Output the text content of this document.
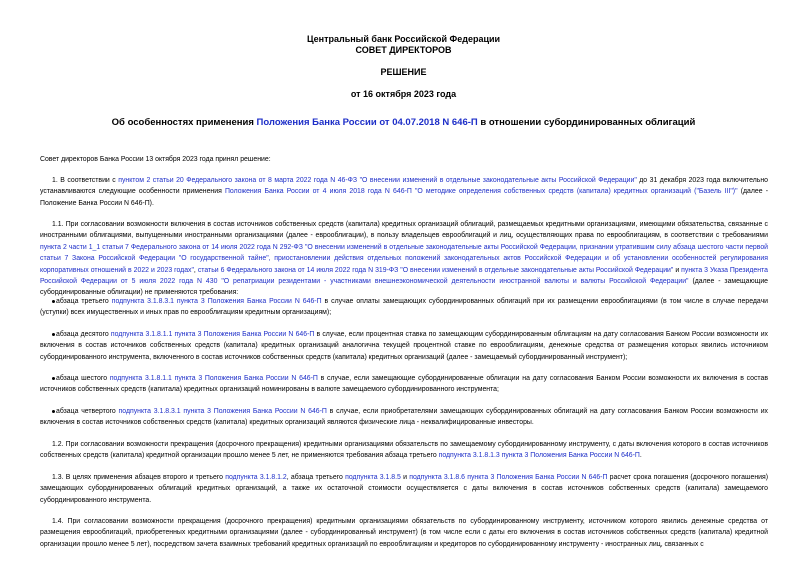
Центральный банк Российской Федерации
СОВЕТ ДИРЕКТОРОВ
РЕШЕНИЕ
от 16 октября 2023 года
Об особенностях применения Положения Банка России от 04.07.2018 N 646-П в отношении субординированных облигаций
Совет директоров Банка России 13 октября 2023 года принял решение:
1. В соответствии с пунктом 2 статьи 20 Федерального закона от 8 марта 2022 года N 46-ФЗ "О внесении изменений в отдельные законодательные акты Российской Федерации" до 31 декабря 2023 года включительно устанавливаются следующие особенности применения Положения Банка России от 4 июля 2018 года N 646-П "О методике определения собственных средств (капитала) кредитных организаций ("Базель III")" (далее - Положение Банка России N 646-П).
1.1. При согласовании возможности включения в состав источников собственных средств (капитала) кредитных организаций облигаций, размещаемых кредитными организациями, имеющими обязательства, связанные с иностранными облигациями, выпущенными иностранными организациями (далее - еврооблигации), в пользу владельцев еврооблигаций и лиц, осуществляющих права по еврооблигациям, в соответствии с требованиями пункта 2 части 1_1 статьи 7 Федерального закона от 14 июля 2022 года N 292-ФЗ "О внесении изменений в отдельные законодательные акты Российской Федерации, признании утратившим силу абзаца шестого части первой статьи 7 Закона Российской Федерации "О государственной тайне", приостановлении действия отдельных положений законодательных актов Российской Федерации и об установлении особенностей регулирования корпоративных отношений в 2022 и 2023 годах", статьи 6 Федерального закона от 14 июля 2022 года N 319-ФЗ "О внесении изменений в отдельные законодательные акты Российской Федерации" и пункта 3 Указа Президента Российской Федерации от 5 июля 2022 года N 430 "О репатриации резидентами - участниками внешнеэкономической деятельности иностранной валюты и валюты Российской Федерации" (далее - замещающие субординированные облигации) не применяются требования:
абзаца третьего подпункта 3.1.8.3.1 пункта 3 Положения Банка России N 646-П в случае оплаты замещающих субординированных облигаций при их размещении еврооблигациями (в том числе в случае передачи (уступки) всех имущественных и иных прав по еврооблигациям кредитным организациям);
абзаца десятого подпункта 3.1.8.1.1 пункта 3 Положения Банка России N 646-П в случае, если процентная ставка по замещающим субординированным облигациям на дату согласования Банком России возможности их включения в состав источников собственных средств (капитала) кредитных организаций аналогична текущей процентной ставке по еврооблигациям, денежные средства от размещения которых явились источником субординированного инструмента, включенного в состав источников собственных средств (капитала) кредитных организаций (далее - замещаемый субординированный инструмент);
абзаца шестого подпункта 3.1.8.1.1 пункта 3 Положения Банка России N 646-П в случае, если замещающие субординированные облигации на дату согласования Банком России возможности их включения в состав источников собственных средств (капитала) кредитных организаций номинированы в валюте замещаемого субординированного инструмента;
абзаца четвертого подпункта 3.1.8.3.1 пункта 3 Положения Банка России N 646-П в случае, если приобретателями замещающих субординированных облигаций на дату согласования Банком России возможности их включения в состав источников собственных средств (капитала) кредитных организаций являются физические лица - неквалифицированные инвесторы.
1.2. При согласовании возможности прекращения (досрочного прекращения) кредитными организациями обязательств по замещаемому субординированному инструменту, с даты включения которого в состав источников собственных средств (капитала) кредитной организации прошло менее 5 лет, не применяются требования абзаца третьего подпункта 3.1.8.1.3 пункта 3 Положения Банка России N 646-П.
1.3. В целях применения абзацев второго и третьего подпункта 3.1.8.1.2, абзаца третьего подпункта 3.1.8.5 и подпункта 3.1.8.6 пункта 3 Положения Банка России N 646-П расчет срока погашения (досрочного погашения) замещающих субординированных облигаций кредитных организаций, а также их остаточной стоимости осуществляется с даты включения в состав источников собственных средств (капитала) замещаемого субординированного инструмента.
1.4. При согласовании возможности прекращения (досрочного прекращения) кредитными организациями обязательств по субординированному инструменту, источником которого явились денежные средства от размещения еврооблигаций, приобретенных кредитными организациями (далее - субординированный инструмент) (в том числе если с даты его включения в состав источников собственных средств (капитала) кредитной организации прошло менее 5 лет), посредством зачета взаимных требований кредитных организаций по еврооблигациям и кредиторов по субординированному инструменту - иностранных лиц, связанных с
